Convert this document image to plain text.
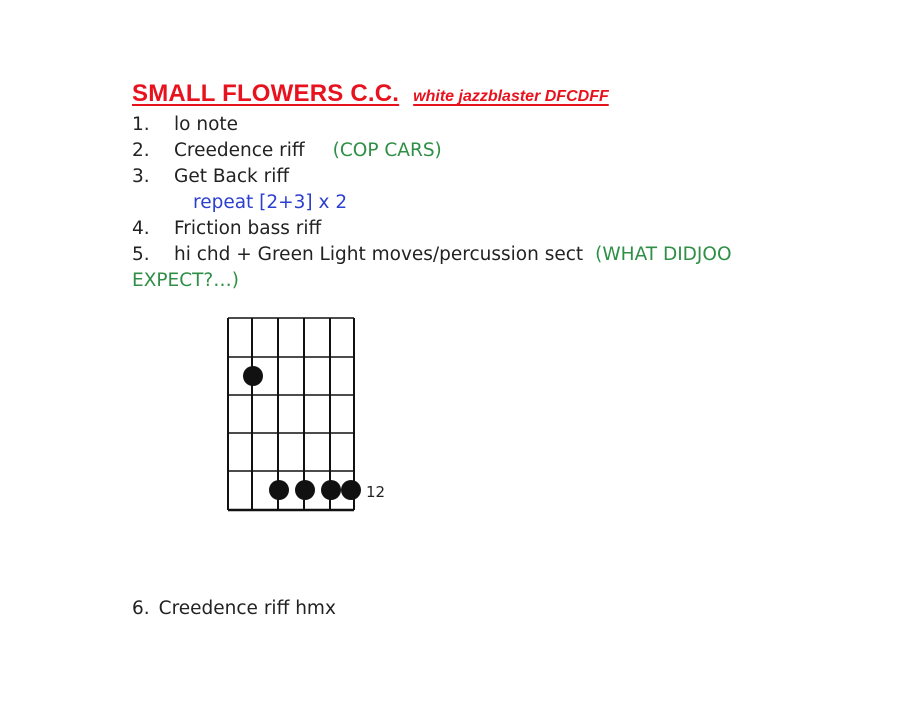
SMALL FLOWERS C.C. white jazzblaster DFCDFF
1. lo note
2. Creedence riff (COP CARS)
3. Get Back riff
repeat [2+3] x 2
4. Friction bass riff
5. hi chd + Green Light moves/percussion sect (WHAT DIDJOO EXPECT?…)
12
6. Creedence riff hmx
